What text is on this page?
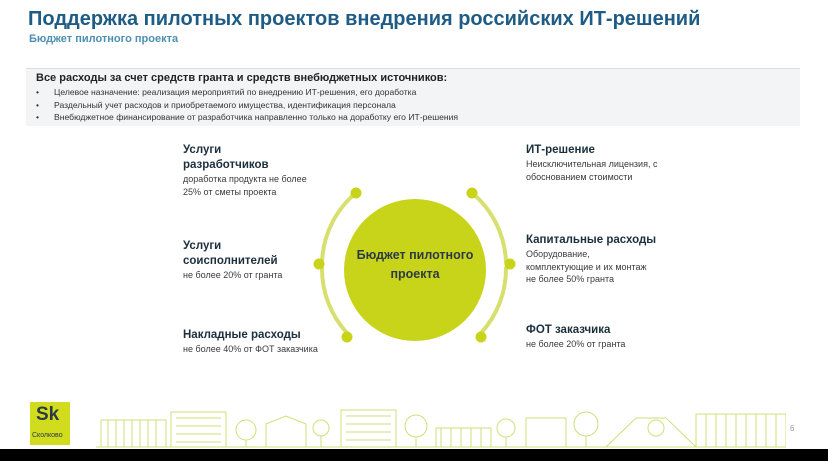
Поддержка пилотных проектов внедрения российских ИТ-решений
Бюджет пилотного проекта
Все расходы за счет средств гранта и средств внебюджетных источников:
• Целевое назначение: реализация мероприятий по внедрению ИТ-решения, его доработка
• Раздельный учет расходов и приобретаемого имущества, идентификация персонала
• Внебюджетное финансирование от разработчика направленно только на доработку его ИТ-решения
Бюджет пилотного
проекта
Услуги
разработчиков
доработка продукта не более
25% от сметы проекта
Услуги
соисполнителей
не более 20% от гранта
Накладные расходы
не более 40% от ФОТ заказчика
ИТ-решение
Неисключительная лицензия, с
обоснованием стоимости
Капитальные расходы
Оборудование,
комплектующие и их монтаж
не более 50% гранта
ФОТ заказчика
не более 20% от гранта
Sk
Сколково
6
